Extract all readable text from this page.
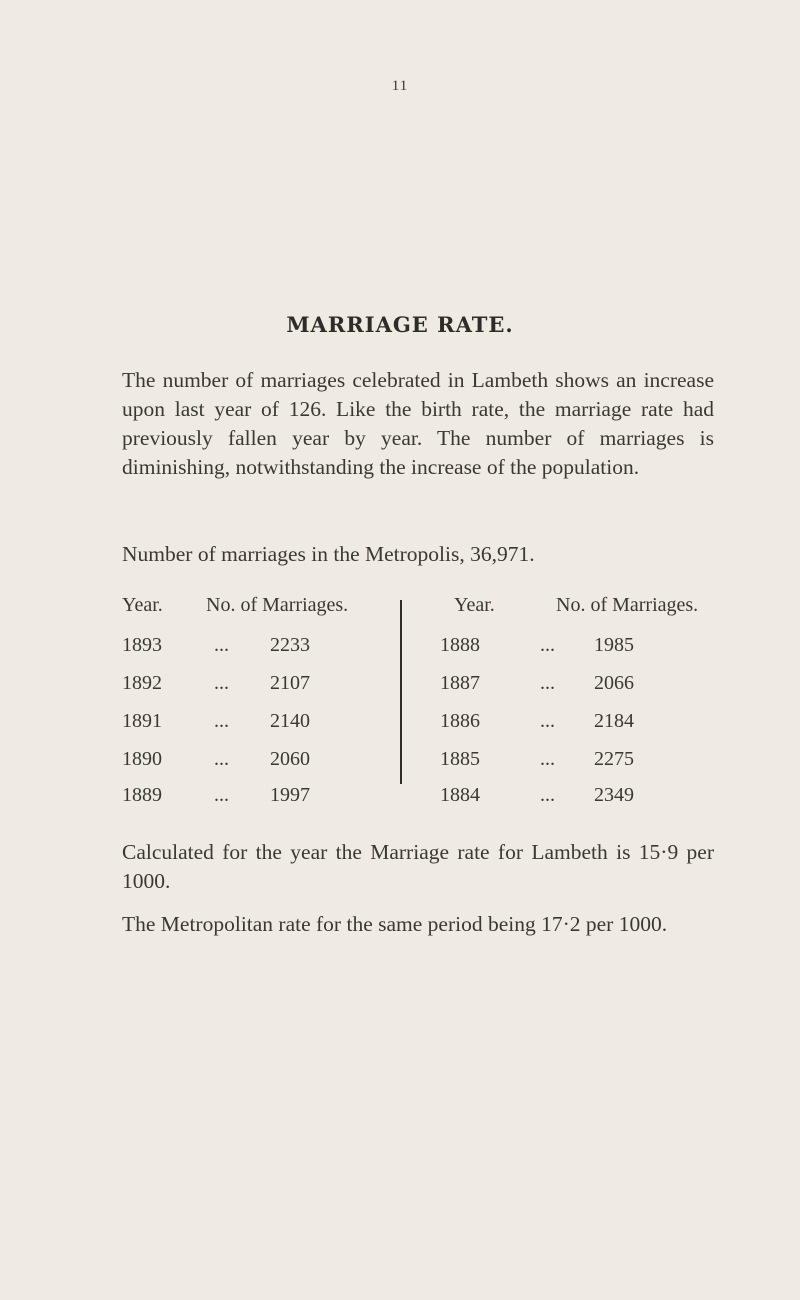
11
MARRIAGE RATE.

The number of marriages celebrated in Lambeth shows an increase upon last year of 126. Like the birth rate, the marriage rate had previously fallen year by year. The number of marriages is diminishing, notwithstanding the increase of the population.

Number of marriages in the Metropolis, 36,971.

Year. No. of Marriages.	Year.	No. of Marriages.
1893	... 2233
1892	... 2107
1891	... 2140
1890	... 2060
1889	... 1997
1888	... 1985
1887	... 2066
1886	... 2184
1885	... 2275
1884	... 2349

Calculated for the year the Marriage rate for Lambeth is 15·9 per 1000.

The Metropolitan rate for the same period being 17·2 per 1000.
